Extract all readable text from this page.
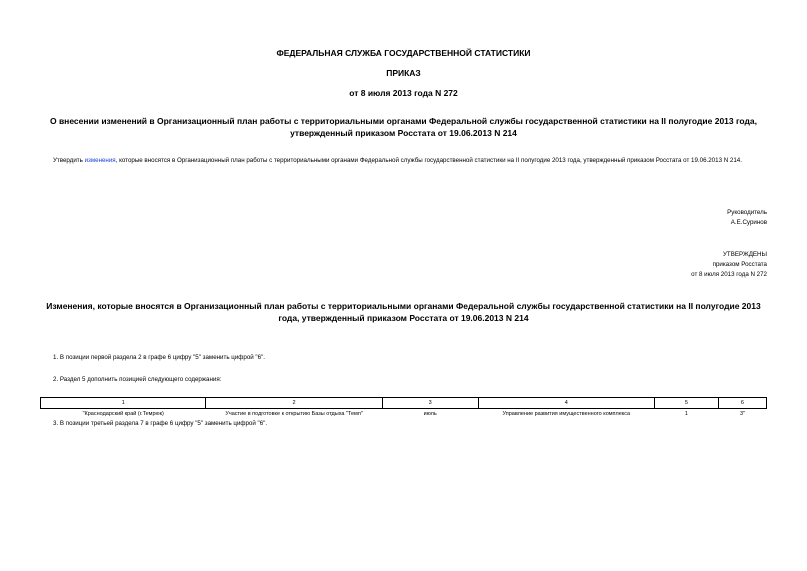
ФЕДЕРАЛЬНАЯ СЛУЖБА ГОСУДАРСТВЕННОЙ СТАТИСТИКИ
ПРИКАЗ
от 8 июля 2013 года N 272
О внесении изменений в Организационный план работы с территориальными органами Федеральной службы государственной статистики на II полугодие 2013 года, утвержденный приказом Росстата от 19.06.2013 N 214
Утвердить изменения, которые вносятся в Организационный план работы с территориальными органами Федеральной службы государственной статистики на II полугодие 2013 года, утвержденный приказом Росстата от 19.06.2013 N 214.
Руководитель
А.Е.Суринов
УТВЕРЖДЕНЫ
приказом Росстата
от 8 июля 2013 года N 272
Изменения, которые вносятся в Организационный план работы с территориальными органами Федеральной службы государственной статистики на II полугодие 2013 года, утвержденный приказом Росстата от 19.06.2013 N 214
1. В позиции первой раздела 2 в графе 6 цифру "5" заменить цифрой "6".
2. Раздел 5 дополнить позицией следующего содержания:
1	2	3	4	5	6
"Краснодарский край (г.Темрюк)	Участие в подготовке к открытию Базы отдыха "Темп"	июль	Управление развития имущественного комплекса	1	3"
3. В позиции третьей раздела 7 в графе 6 цифру "5" заменить цифрой "6".
